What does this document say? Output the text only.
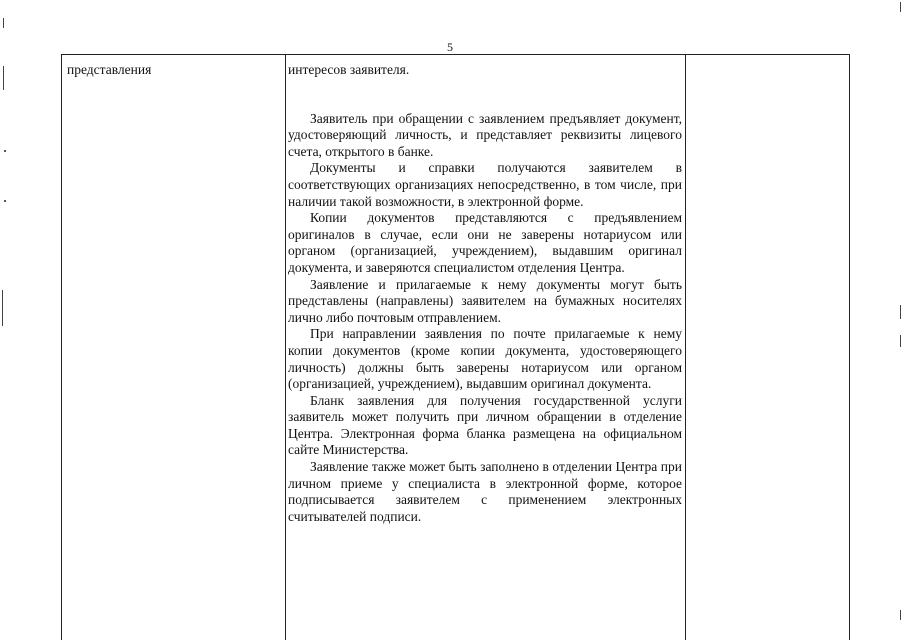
5
представления	интересов заявителя.

Заявитель при обращении с заявлением предъявляет документ, удостоверяющий личность, и представляет реквизиты лицевого счета, открытого в банке.

Документы и справки получаются заявителем в соответствующих организациях непосредственно, в том числе, при наличии такой возможности, в электронной форме.

Копии документов представляются с предъявлением оригиналов в случае, если они не заверены нотариусом или органом (организацией, учреждением), выдавшим оригинал документа, и заверяются специалистом отделения Центра.

Заявление и прилагаемые к нему документы могут быть представлены (направлены) заявителем на бумажных носителях лично либо почтовым отправлением.

При направлении заявления по почте прилагаемые к нему копии документов (кроме копии документа, удостоверяющего личность) должны быть заверены нотариусом или органом (организацией, учреждением), выдавшим оригинал документа.

Бланк заявления для получения государственной услуги заявитель может получить при личном обращении в отделение Центра. Электронная форма бланка размещена на официальном сайте Министерства.

Заявление также может быть заполнено в отделении Центра при личном приеме у специалиста в электронной форме, которое подписывается заявителем с применением электронных считывателей подписи.
